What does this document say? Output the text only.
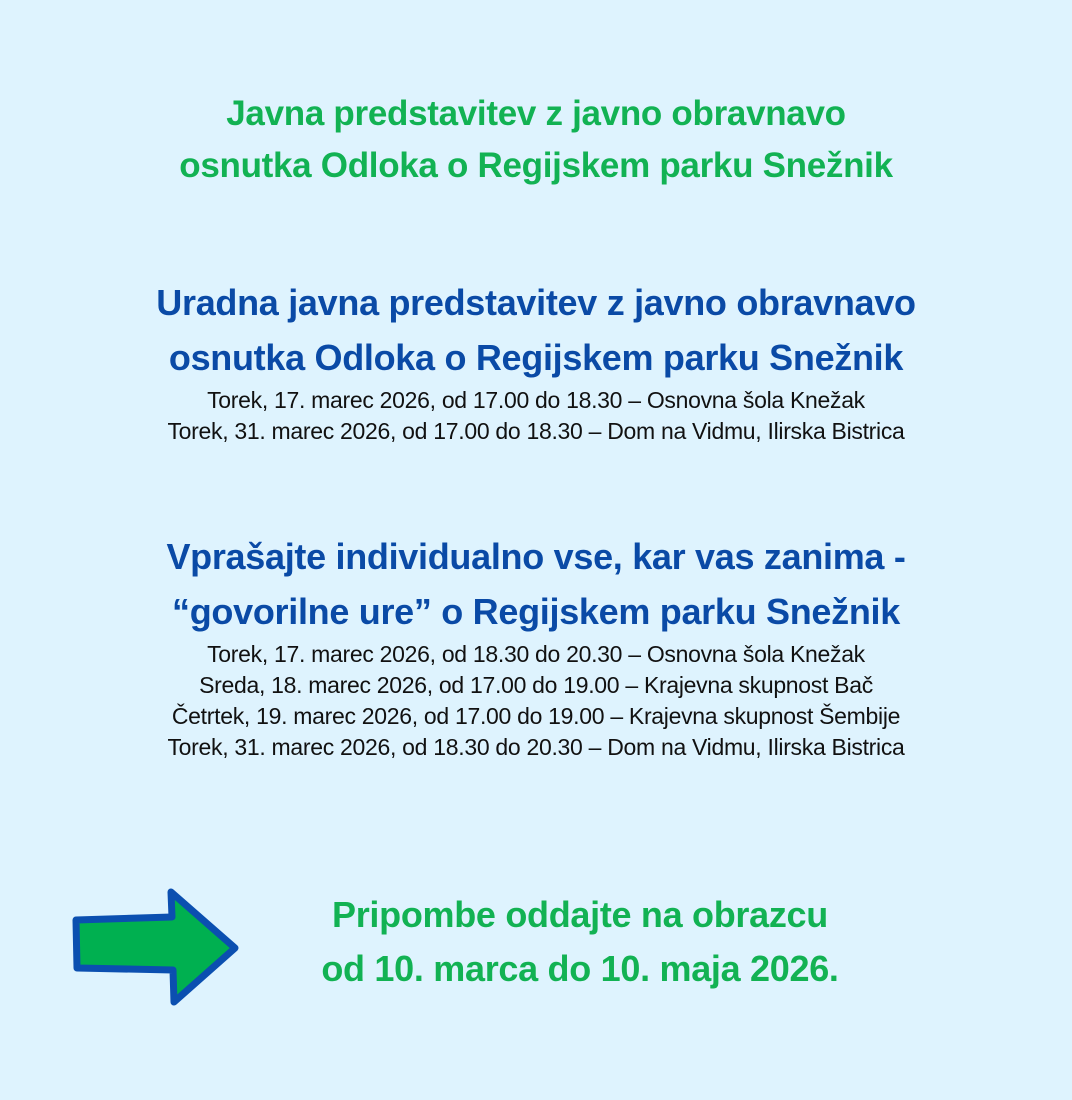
Javna predstavitev z javno obravnavo
osnutka Odloka o Regijskem parku Snežnik
Uradna javna predstavitev z javno obravnavo
osnutka Odloka o Regijskem parku Snežnik
Torek, 17. marec 2026, od 17.00 do 18.30 – Osnovna šola Knežak
Torek, 31. marec 2026, od 17.00 do 18.30 – Dom na Vidmu, Ilirska Bistrica
Vprašajte individualno vse, kar vas zanima -
“govorilne ure” o Regijskem parku Snežnik
Torek, 17. marec 2026, od 18.30 do 20.30 – Osnovna šola Knežak
Sreda, 18. marec 2026, od 17.00 do 19.00 – Krajevna skupnost Bač
Četrtek, 19. marec 2026, od 17.00 do 19.00 – Krajevna skupnost Šembije
Torek, 31. marec 2026, od 18.30 do 20.30 – Dom na Vidmu, Ilirska Bistrica
Pripombe oddajte na obrazcu
od 10. marca do 10. maja 2026.
